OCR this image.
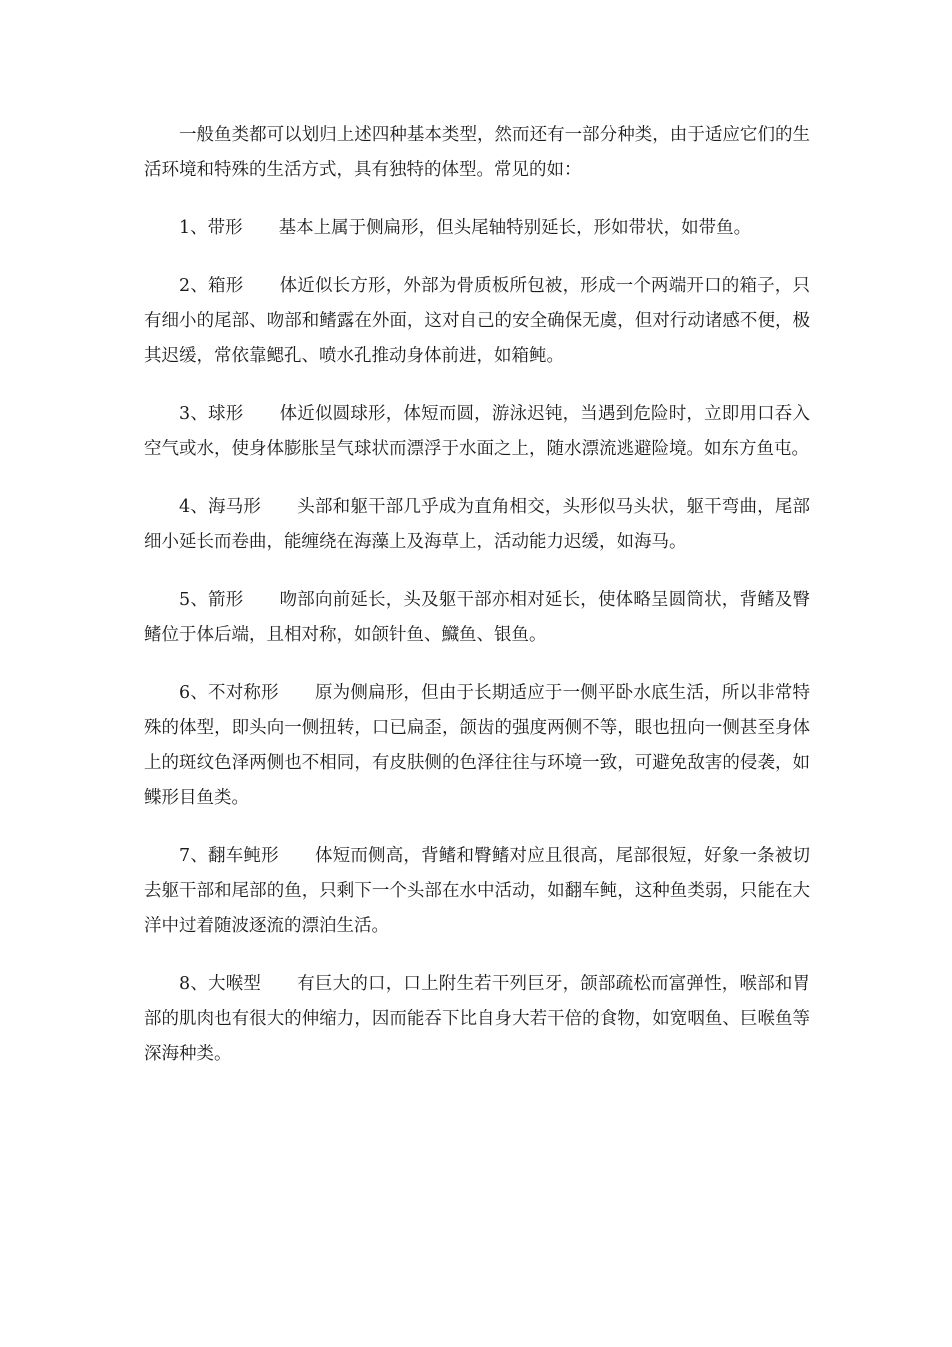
一般鱼类都可以划归上述四种基本类型，然而还有一部分种类，由于适应它们的生活环境和特殊的生活方式，具有独特的体型。常见的如：

1、带形 基本上属于侧扁形，但头尾轴特别延长，形如带状，如带鱼。

2、箱形 体近似长方形，外部为骨质板所包被，形成一个两端开口的箱子，只有细小的尾部、吻部和鳍露在外面，这对自己的安全确保无虞，但对行动诸感不便，极其迟缓，常依靠鳃孔、喷水孔推动身体前进，如箱鲀。

3、球形 体近似圆球形，体短而圆，游泳迟钝，当遇到危险时，立即用口吞入空气或水，使身体膨胀呈气球状而漂浮于水面之上，随水漂流逃避险境。如东方鱼屯。

4、海马形 头部和躯干部几乎成为直角相交，头形似马头状，躯干弯曲，尾部细小延长而卷曲，能缠绕在海藻上及海草上，活动能力迟缓，如海马。

5、箭形 吻部向前延长，头及躯干部亦相对延长，使体略呈圆筒状，背鳍及臀鳍位于体后端，且相对称，如颌针鱼、鱵鱼、银鱼。

6、不对称形 原为侧扁形，但由于长期适应于一侧平卧水底生活，所以非常特殊的体型，即头向一侧扭转，口已扁歪，颌齿的强度两侧不等，眼也扭向一侧甚至身体上的斑纹色泽两侧也不相同，有皮肤侧的色泽往往与环境一致，可避免敌害的侵袭，如鲽形目鱼类。

7、翻车鲀形 体短而侧高，背鳍和臀鳍对应且很高，尾部很短，好象一条被切去躯干部和尾部的鱼，只剩下一个头部在水中活动，如翻车鲀，这种鱼类弱，只能在大洋中过着随波逐流的漂泊生活。

8、大喉型 有巨大的口，口上附生若干列巨牙，颌部疏松而富弹性，喉部和胃部的肌肉也有很大的伸缩力，因而能吞下比自身大若干倍的食物，如宽咽鱼、巨喉鱼等深海种类。
